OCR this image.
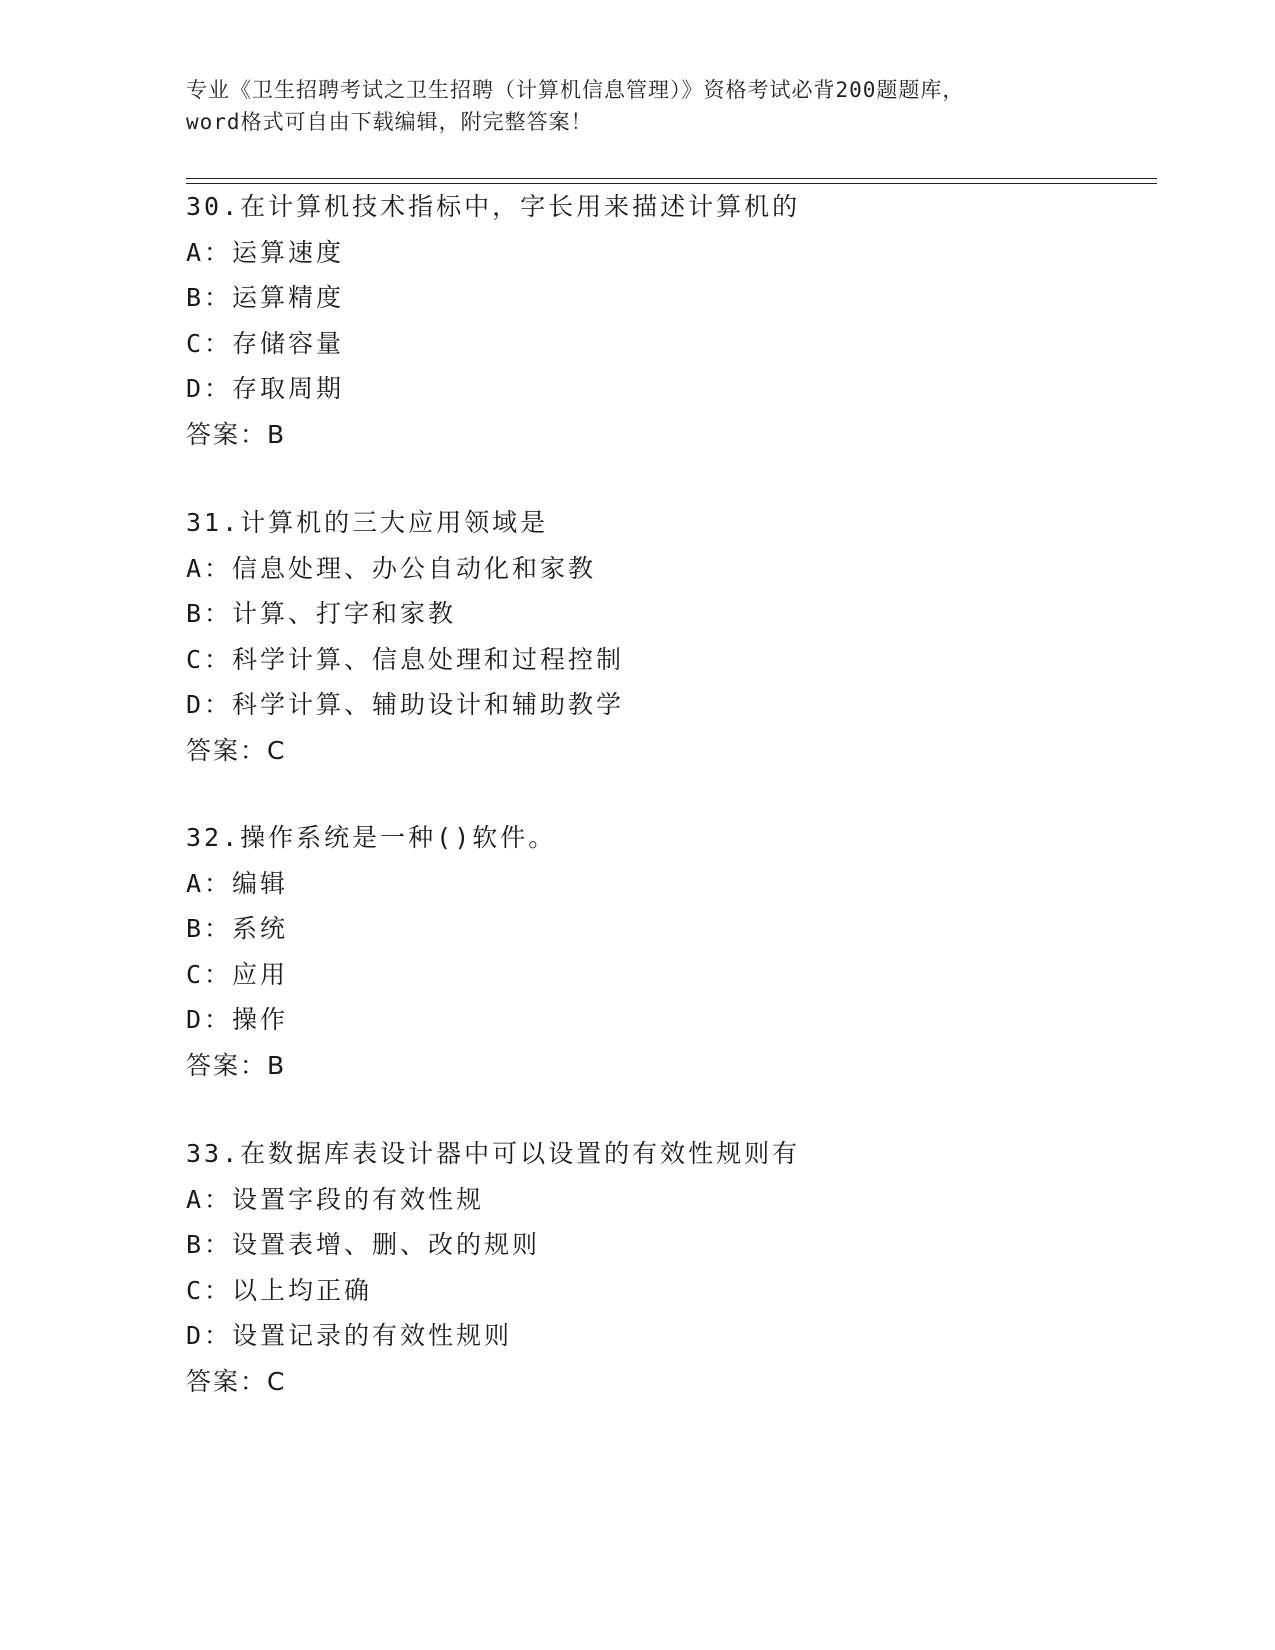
专业《卫生招聘考试之卫生招聘（计算机信息管理）》资格考试必背200题题库，
word格式可自由下载编辑，附完整答案！
30.在计算机技术指标中，字长用来描述计算机的
A：运算速度
B：运算精度
C：存储容量
D：存取周期
答案：B
31.计算机的三大应用领域是
A：信息处理、办公自动化和家教
B：计算、打字和家教
C：科学计算、信息处理和过程控制
D：科学计算、辅助设计和辅助教学
答案：C
32.操作系统是一种()软件。
A：编辑
B：系统
C：应用
D：操作
答案：B
33.在数据库表设计器中可以设置的有效性规则有
A：设置字段的有效性规
B：设置表增、删、改的规则
C：以上均正确
D：设置记录的有效性规则
答案：C
